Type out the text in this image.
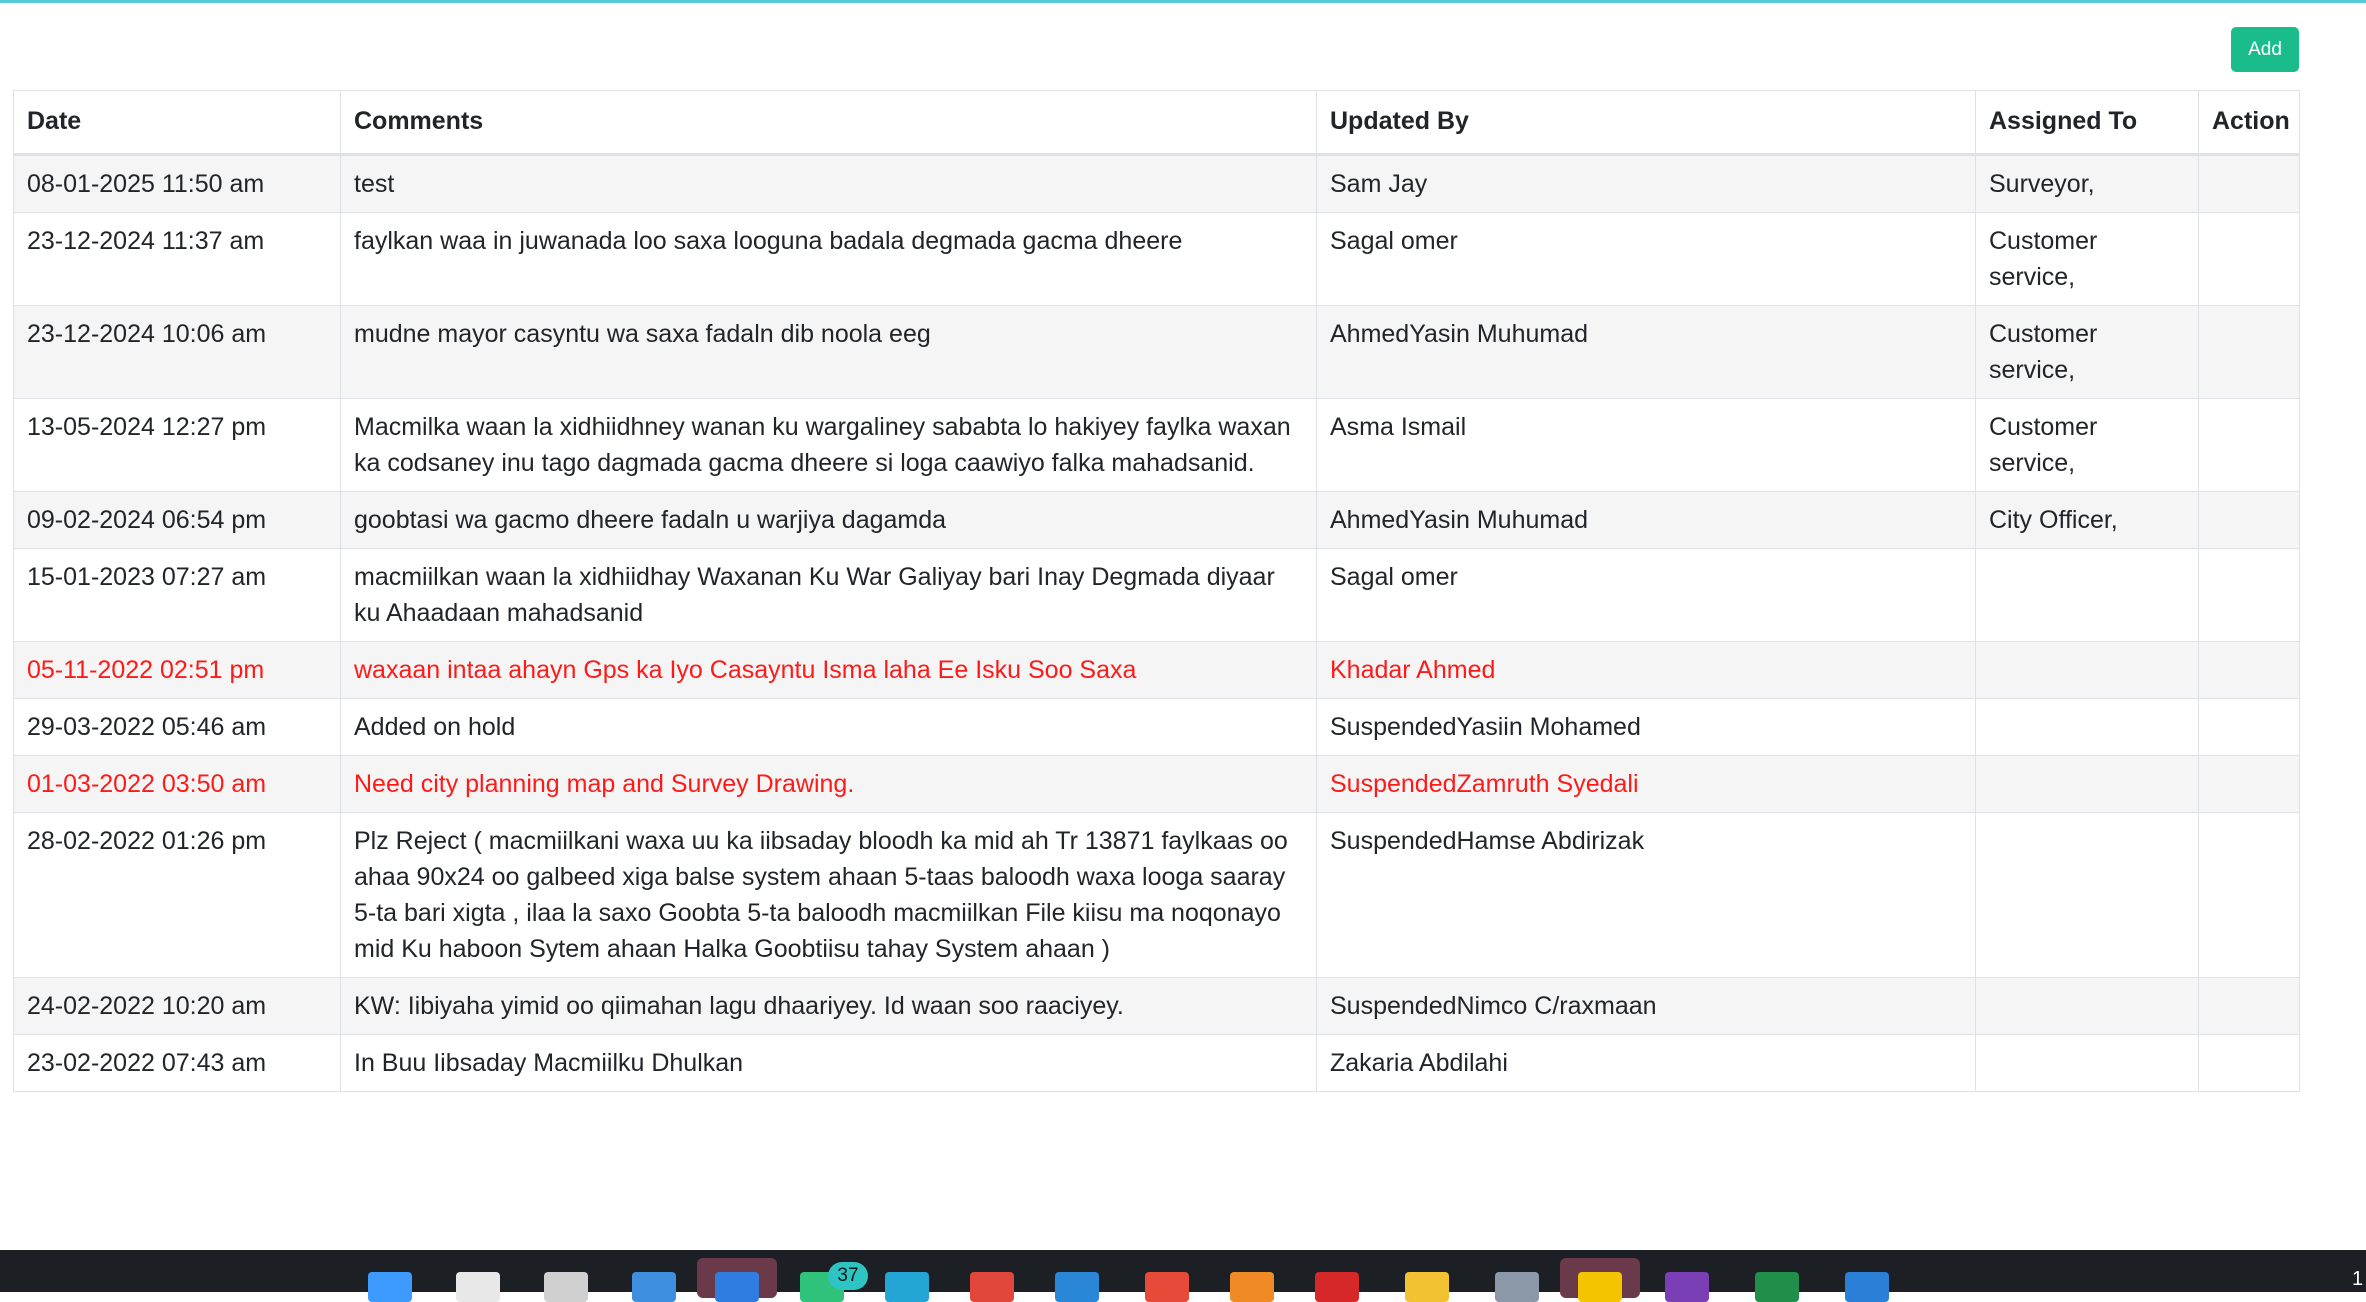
Add
Date	Comments	Updated By	Assigned To	Action
08-01-2025 11:50 am	test	Sam Jay	Surveyor,	
23-12-2024 11:37 am	faylkan waa in juwanada loo saxa looguna badala degmada gacma dheere	Sagal omer	Customer service,	
23-12-2024 10:06 am	mudne mayor casyntu wa saxa fadaln dib noola eeg	AhmedYasin Muhumad	Customer service,	
13-05-2024 12:27 pm	Macmilka waan la xidhiidhney wanan ku wargaliney sababta lo hakiyey faylka waxan ka codsaney inu tago dagmada gacma dheere si loga caawiyo falka mahadsanid.	Asma Ismail	Customer service,	
09-02-2024 06:54 pm	goobtasi wa gacmo dheere fadaln u warjiya dagamda	AhmedYasin Muhumad	City Officer,	
15-01-2023 07:27 am	macmiilkan waan la xidhiidhay Waxanan Ku War Galiyay bari Inay Degmada diyaar ku Ahaadaan mahadsanid	Sagal omer		
05-11-2022 02:51 pm	waxaan intaa ahayn Gps ka Iyo Casayntu Isma laha Ee Isku Soo Saxa	Khadar Ahmed		
29-03-2022 05:46 am	Added on hold	SuspendedYasiin Mohamed		
01-03-2022 03:50 am	Need city planning map and Survey Drawing.	SuspendedZamruth Syedali		
28-02-2022 01:26 pm	Plz Reject ( macmiilkani waxa uu ka iibsaday bloodh ka mid ah Tr 13871 faylkaas oo ahaa 90x24 oo galbeed xiga balse system ahaan 5-taas baloodh waxa looga saaray 5-ta bari xigta , ilaa la saxo Goobta 5-ta baloodh macmiilkan File kiisu ma noqonayo mid Ku haboon Sytem ahaan Halka Goobtiisu tahay System ahaan )	SuspendedHamse Abdirizak		
24-02-2022 10:20 am	KW: Iibiyaha yimid oo qiimahan lagu dhaariyey. Id waan soo raaciyey.	SuspendedNimco C/raxmaan		
23-02-2022 07:43 am	In Buu Iibsaday Macmiilku Dhulkan	Zakaria Abdilahi		
37	1
